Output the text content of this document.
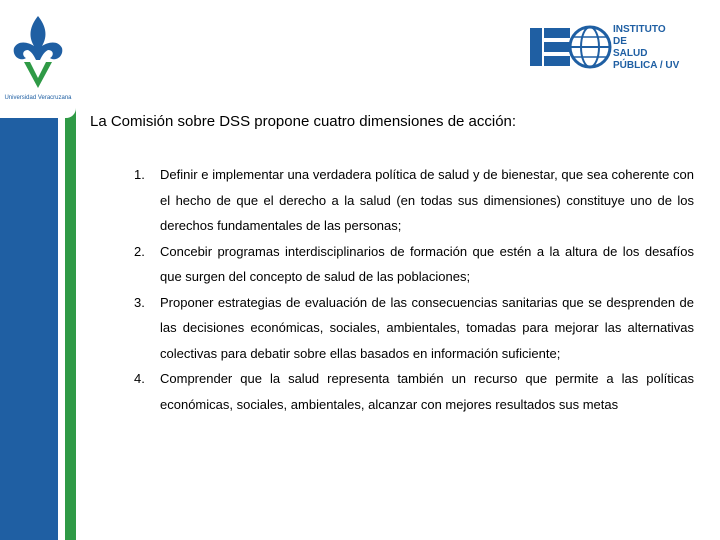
Universidad Veracruzana
INSTITUTO
DE
SALUD
PÚBLICA / UV
La Comisión sobre DSS propone cuatro dimensiones de acción:
1. Definir e implementar una verdadera política de salud y de bienestar, que sea coherente con el hecho de que el derecho a la salud (en todas sus dimensiones) constituye uno de los derechos fundamentales de las personas;
2. Concebir programas interdisciplinarios de formación que estén a la altura de los desafíos que surgen del concepto de salud de las poblaciones;
3. Proponer estrategias de evaluación de las consecuencias sanitarias que se desprenden de las decisiones económicas, sociales, ambientales, tomadas para mejorar las alternativas colectivas para debatir sobre ellas basados en información suficiente;
4. Comprender que la salud representa también un recurso que permite a las políticas económicas, sociales, ambientales, alcanzar con mejores resultados sus metas
